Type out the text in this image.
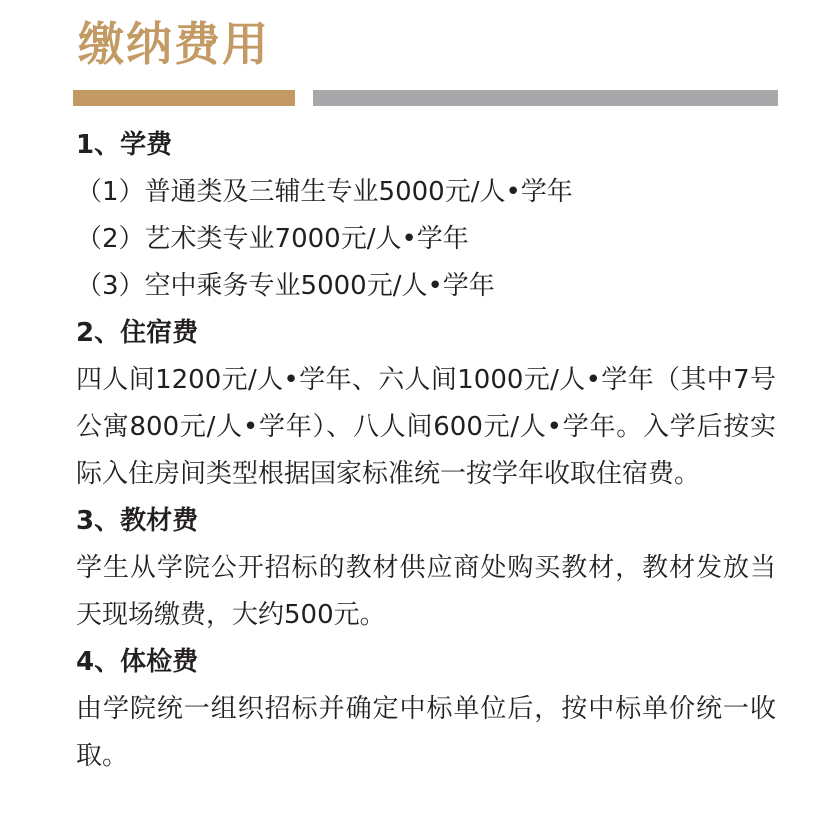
缴纳费用

1、学费

（1）普通类及三辅生专业5000元/人•学年

（2）艺术类专业7000元/人•学年

（3）空中乘务专业5000元/人•学年

2、住宿费

四人间1200元/人•学年、六人间1000元/人•学年（其中7号公寓800元/人•学年）、八人间600元/人•学年。入学后按实际入住房间类型根据国家标准统一按学年收取住宿费。

3、教材费

学生从学院公开招标的教材供应商处购买教材，教材发放当天现场缴费，大约500元。

4、体检费

由学院统一组织招标并确定中标单位后，按中标单价统一收取。
